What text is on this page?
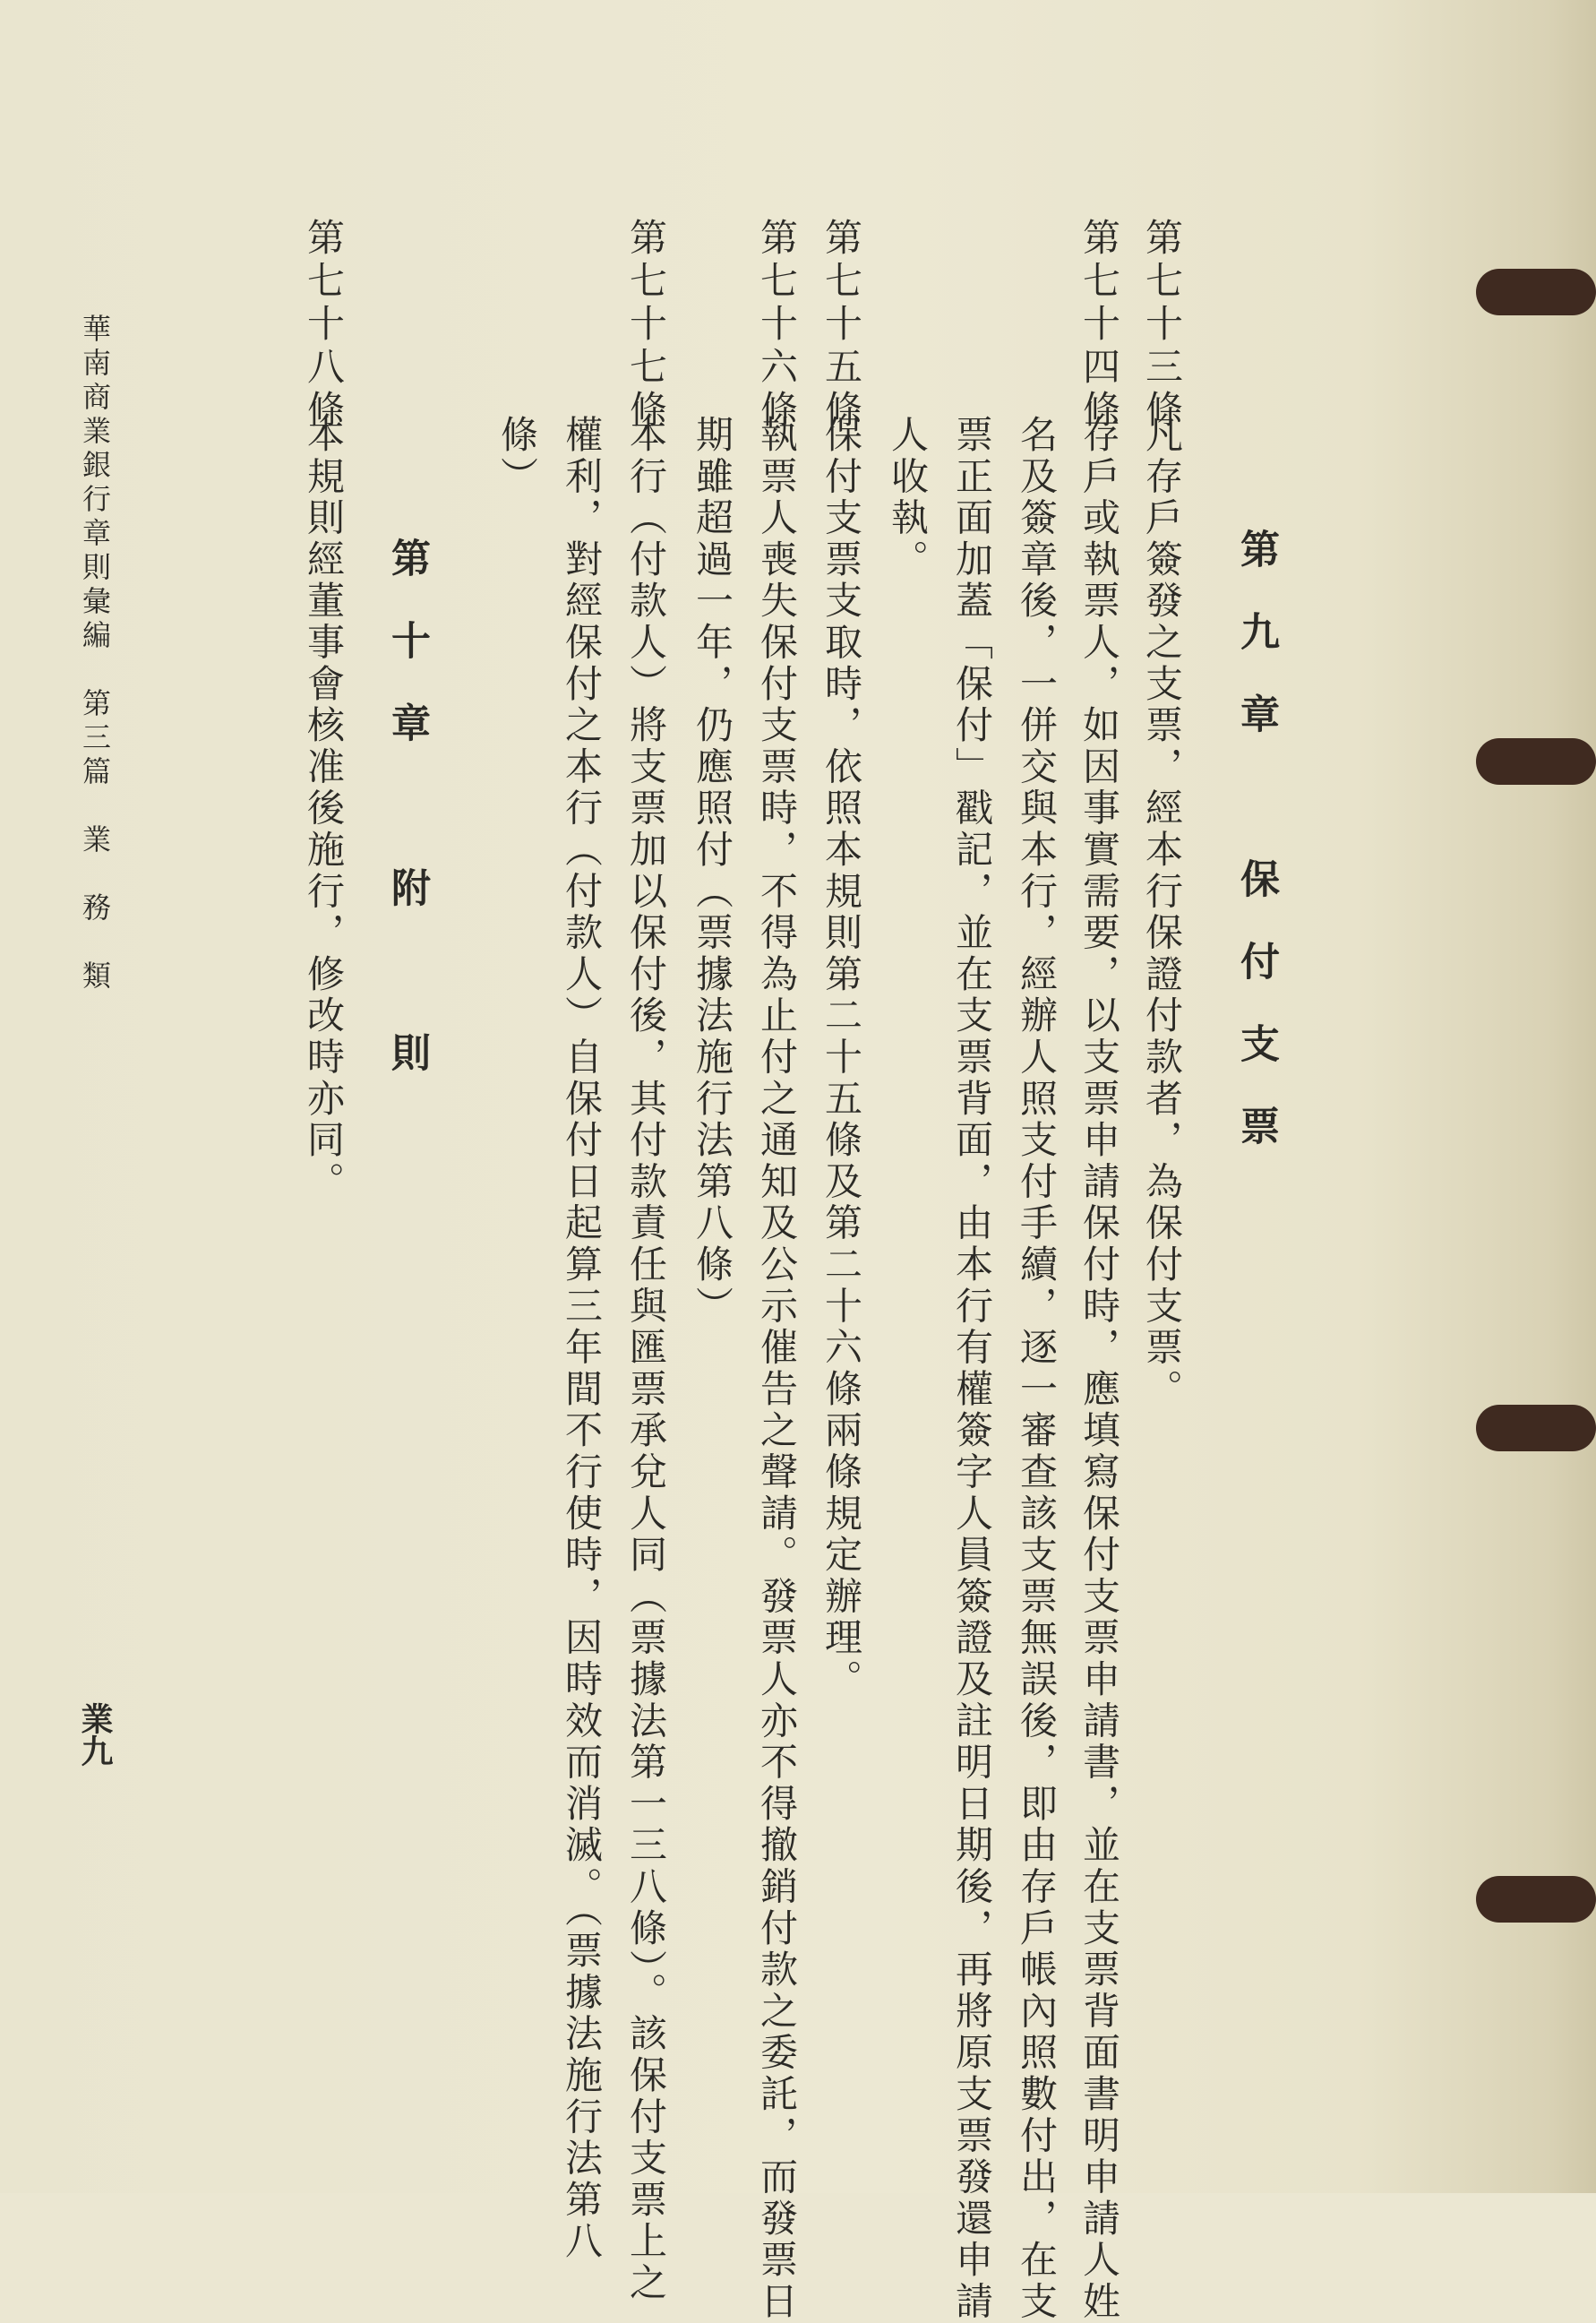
第九章　保付支票
第七十三條
凡存戶簽發之支票，經本行保證付款者，為保付支票。
第七十四條
存戶或執票人，如因事實需要，以支票申請保付時，應填寫保付支票申請書，並在支票背面書明申請人姓
名及簽章後，一併交與本行，經辦人照支付手續，逐一審查該支票無誤後，即由存戶帳內照數付出，在支
票正面加蓋「保付」戳記，並在支票背面，由本行有權簽字人員簽證及註明日期後，再將原支票發還申請
人收執。
第七十五條
保付支票支取時，依照本規則第二十五條及第二十六條兩條規定辦理。
第七十六條
執票人喪失保付支票時，不得為止付之通知及公示催告之聲請。發票人亦不得撤銷付款之委託，而發票日
期雖超過一年，仍應照付（票據法施行法第八條）
第七十七條
本行（付款人）將支票加以保付後，其付款責任與匯票承兌人同（票據法第一三八條）。該保付支票上之
權利，對經保付之本行（付款人）自保付日起算三年間不行使時，因時效而消滅。（票據法施行法第八
條）
第十章　附　則
第七十八條
本規則經董事會核准後施行，修改時亦同。
華南商業銀行章則彙編　第三篇　業　務　類
業九
